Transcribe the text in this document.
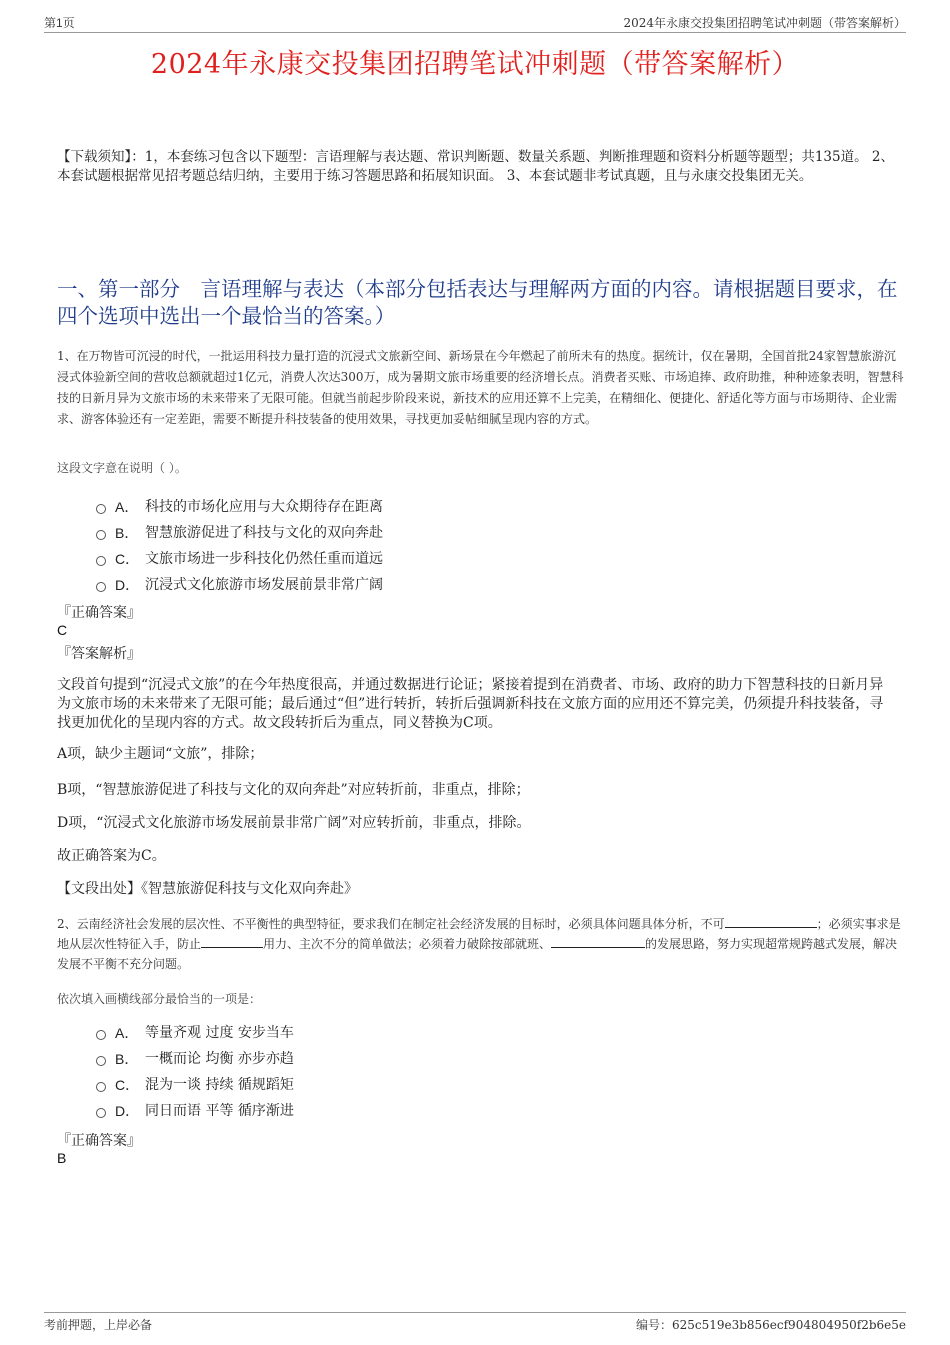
第1页	2024年永康交投集团招聘笔试冲刺题（带答案解析）
2024年永康交投集团招聘笔试冲刺题（带答案解析）
【下载须知】：1，本套练习包含以下题型：言语理解与表达题、常识判断题、数量关系题、判断推理题和资料分析题等题型；共135道。 2、本套试题根据常见招考题总结归纳，主要用于练习答题思路和拓展知识面。 3、本套试题非考试真题，且与永康交投集团无关。
一、第一部分　言语理解与表达（本部分包括表达与理解两方面的内容。请根据题目要求，在四个选项中选出一个最恰当的答案。）
1、在万物皆可沉浸的时代，一批运用科技力量打造的沉浸式文旅新空间、新场景在今年燃起了前所未有的热度。据统计，仅在暑期，全国首批24家智慧旅游沉浸式体验新空间的营收总额就超过1亿元，消费人次达300万，成为暑期文旅市场重要的经济增长点。消费者买账、市场追捧、政府助推，种种迹象表明，智慧科技的日新月异为文旅市场的未来带来了无限可能。但就当前起步阶段来说，新技术的应用还算不上完美，在精细化、便捷化、舒适化等方面与市场期待、企业需求、游客体验还有一定差距，需要不断提升科技装备的使用效果，寻找更加妥帖细腻呈现内容的方式。
这段文字意在说明（ ）。
A． 科技的市场化应用与大众期待存在距离
B． 智慧旅游促进了科技与文化的双向奔赴
C． 文旅市场进一步科技化仍然任重而道远
D． 沉浸式文化旅游市场发展前景非常广阔
『正确答案』
C
『答案解析』
文段首句提到“沉浸式文旅”的在今年热度很高，并通过数据进行论证；紧接着提到在消费者、市场、政府的助力下智慧科技的日新月异为文旅市场的未来带来了无限可能；最后通过“但”进行转折，转折后强调新科技在文旅方面的应用还不算完美，仍须提升科技装备，寻找更加优化的呈现内容的方式。故文段转折后为重点，同义替换为C项。
A项，缺少主题词“文旅”，排除；
B项，“智慧旅游促进了科技与文化的双向奔赴”对应转折前，非重点，排除；
D项，“沉浸式文化旅游市场发展前景非常广阔”对应转折前，非重点，排除。
故正确答案为C。
【文段出处】《智慧旅游促科技与文化双向奔赴》
2、云南经济社会发展的层次性、不平衡性的典型特征，要求我们在制定社会经济发展的目标时，必须具体问题具体分析，不可	；必须实事求是地从层次性特征入手，防止	用力、主次不分的简单做法；必须着力破除按部就班、	的发展思路，努力实现超常规跨越式发展，解决发展不平衡不充分问题。
依次填入画横线部分最恰当的一项是：
A． 等量齐观 过度 安步当车
B． 一概而论 均衡 亦步亦趋
C． 混为一谈 持续 循规蹈矩
D． 同日而语 平等 循序渐进
『正确答案』
B
考前押题，上岸必备	编号：625c519e3b856ecf904804950f2b6e5e
